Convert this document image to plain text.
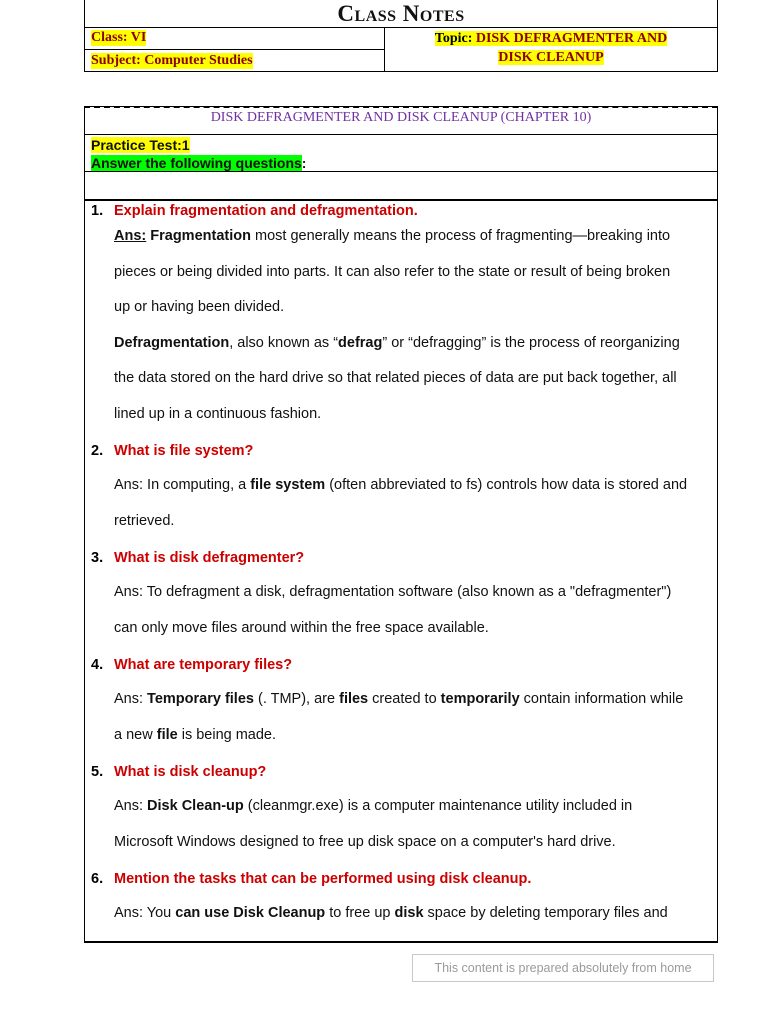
Class Notes
Class: VI
Subject: Computer Studies
Topic: DISK DEFRAGMENTER AND
DISK CLEANUP
DISK DEFRAGMENTER AND DISK CLEANUP (CHAPTER 10)
Practice Test:1
Answer the following questions:
1. Explain fragmentation and defragmentation.
Ans: Fragmentation most generally means the process of fragmenting—breaking into
pieces or being divided into parts. It can also refer to the state or result of being broken
up or having been divided.
Defragmentation, also known as “defrag” or “defragging” is the process of reorganizing
the data stored on the hard drive so that related pieces of data are put back together, all
lined up in a continuous fashion.
2. What is file system?
Ans: In computing, a file system (often abbreviated to fs) controls how data is stored and
retrieved.
3. What is disk defragmenter?
Ans: To defragment a disk, defragmentation software (also known as a "defragmenter")
can only move files around within the free space available.
4. What are temporary files?
Ans: Temporary files (. TMP), are files created to temporarily contain information while
a new file is being made.
5. What is disk cleanup?
Ans: Disk Clean-up (cleanmgr.exe) is a computer maintenance utility included in
Microsoft Windows designed to free up disk space on a computer's hard drive.
6. Mention the tasks that can be performed using disk cleanup.
Ans: You can use Disk Cleanup to free up disk space by deleting temporary files and
This content is prepared absolutely from home
